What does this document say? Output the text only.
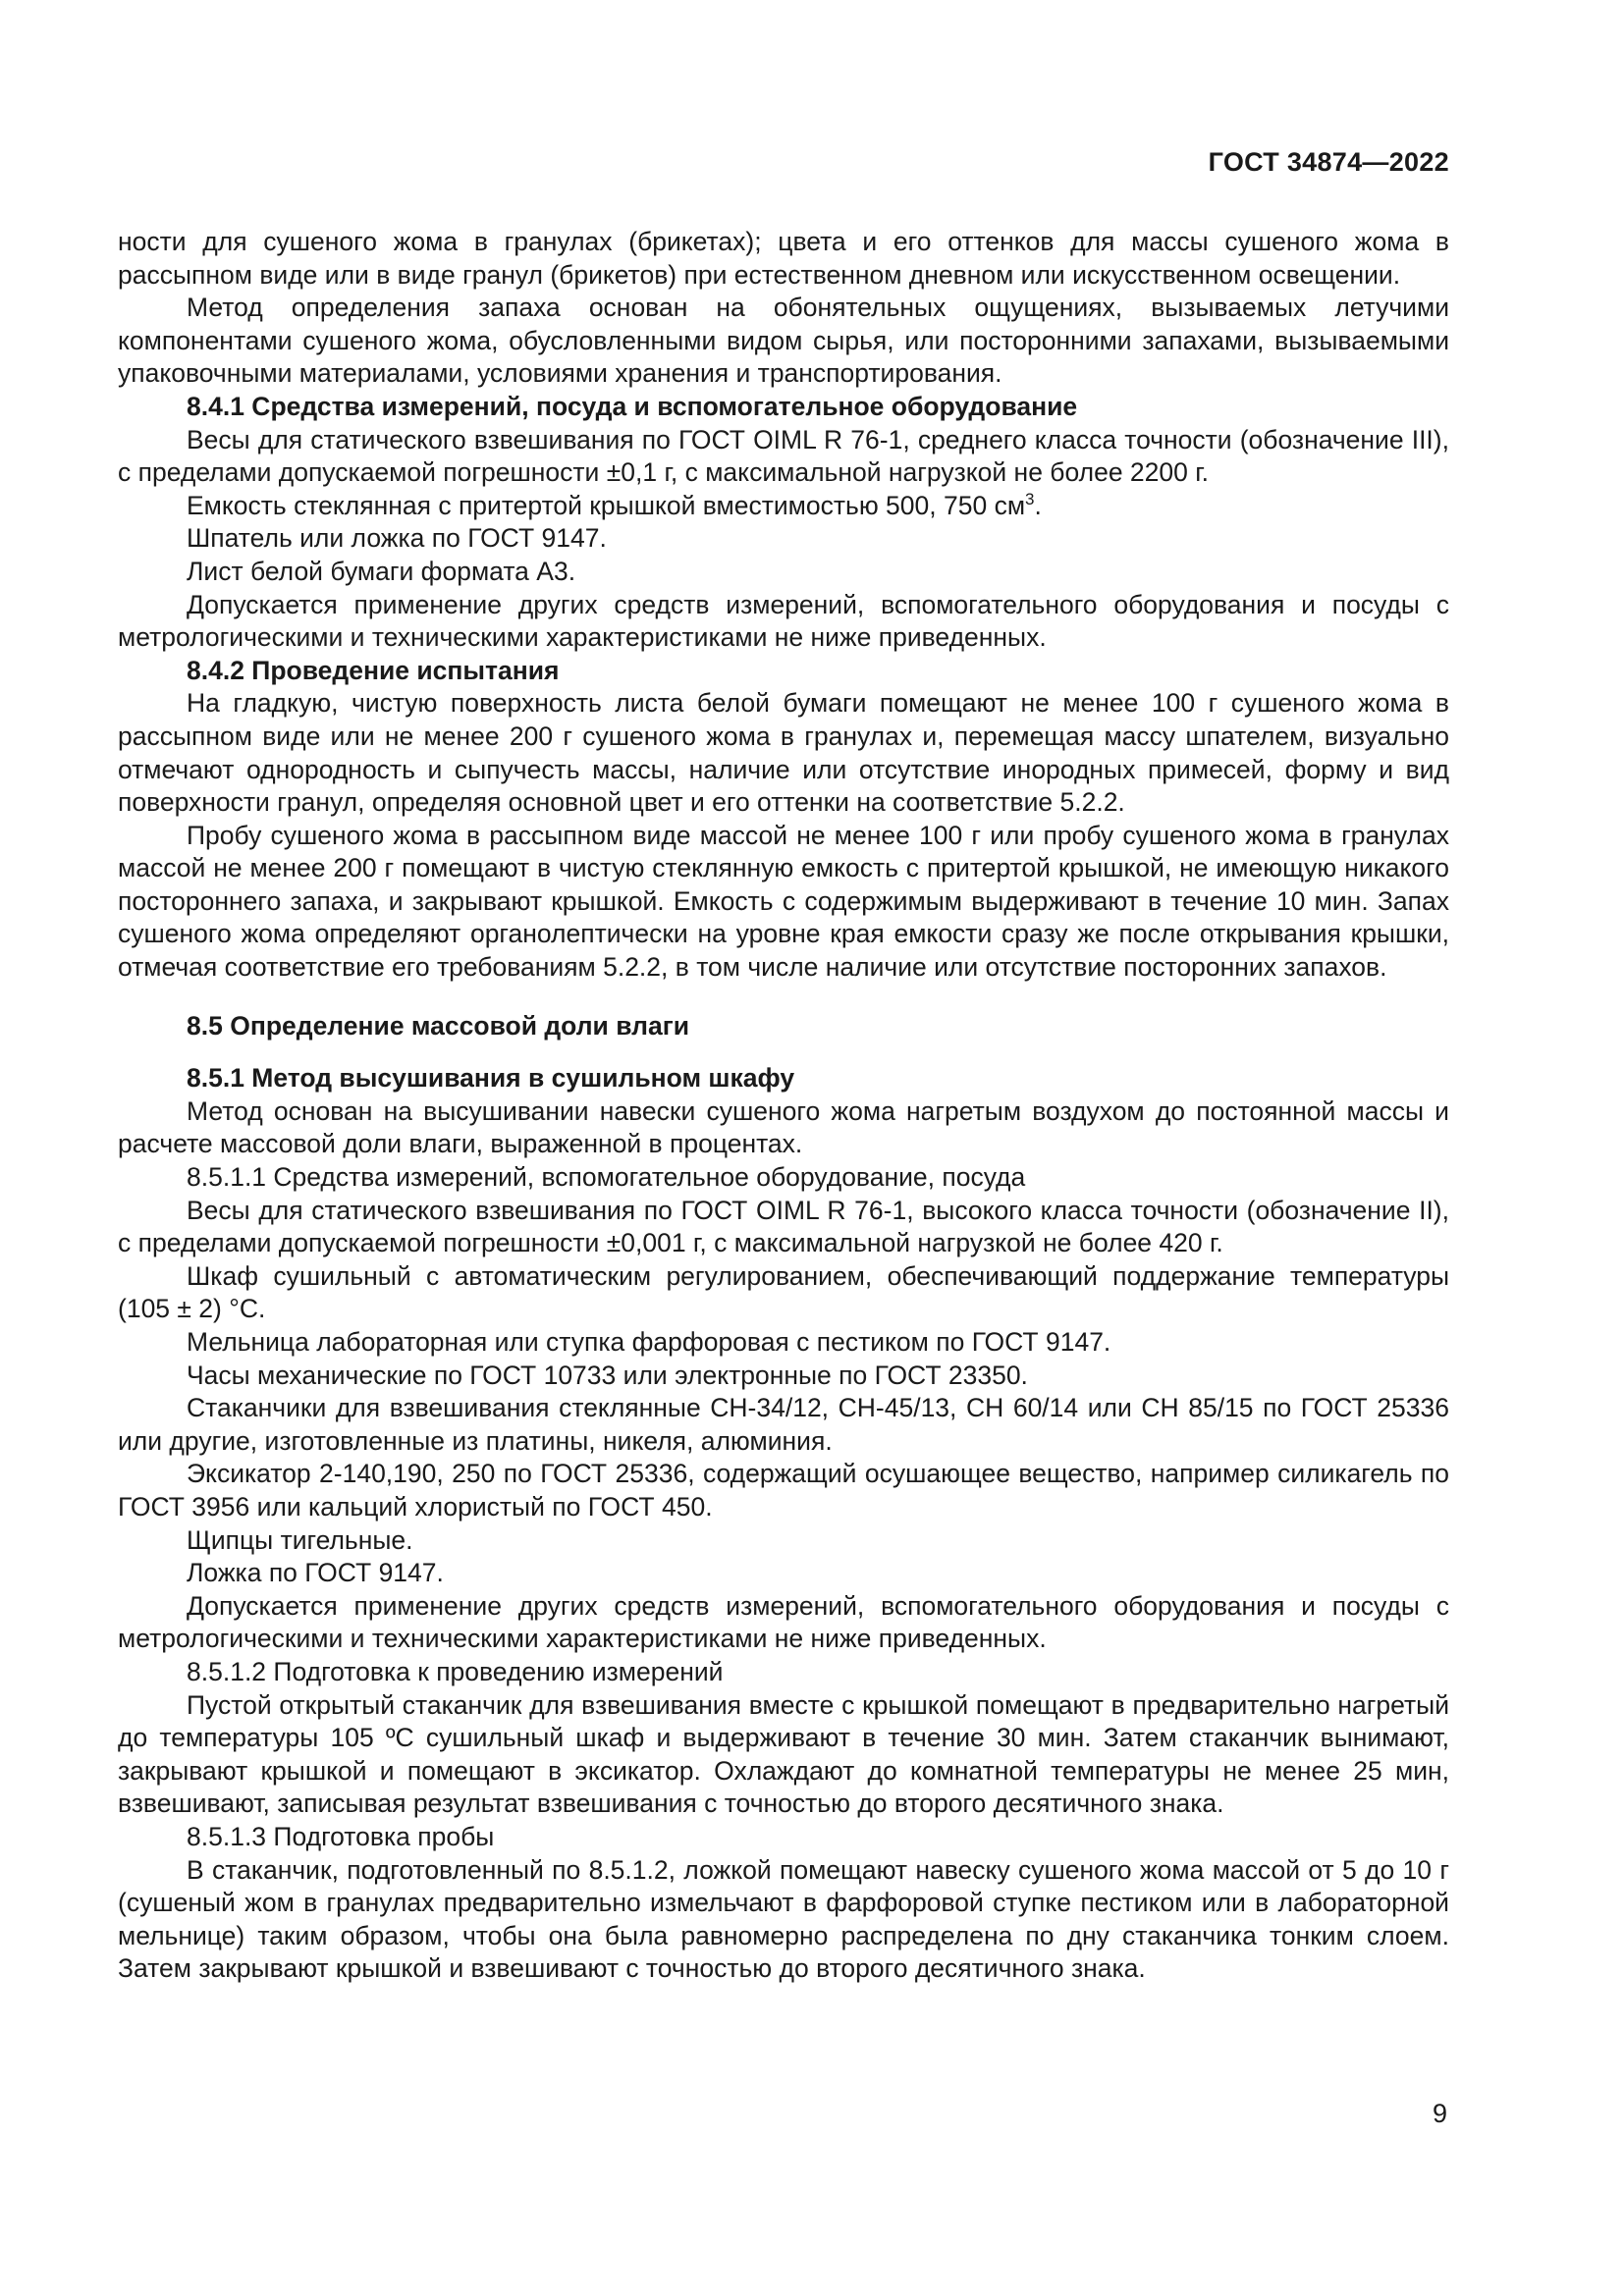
ГОСТ 34874—2022

ности для сушеного жома в гранулах (брикетах); цвета и его оттенков для массы сушеного жома в рассыпном виде или в виде гранул (брикетов) при естественном дневном или искусственном освещении.

Метод определения запаха основан на обонятельных ощущениях, вызываемых летучими компонентами сушеного жома, обусловленными видом сырья, или посторонними запахами, вызываемыми упаковочными материалами, условиями хранения и транспортирования.

8.4.1 Средства измерений, посуда и вспомогательное оборудование

Весы для статического взвешивания по ГОСТ OIML R 76-1, среднего класса точности (обозначение III), с пределами допускаемой погрешности ±0,1 г, с максимальной нагрузкой не более 2200 г.

Емкость стеклянная с притертой крышкой вместимостью 500, 750 $см^3$.

Шпатель или ложка по ГОСТ 9147.

Лист белой бумаги формата А3.

Допускается применение других средств измерений, вспомогательного оборудования и посуды с метрологическими и техническими характеристиками не ниже приведенных.

8.4.2 Проведение испытания

На гладкую, чистую поверхность листа белой бумаги помещают не менее 100 г сушеного жома в рассыпном виде или не менее 200 г сушеного жома в гранулах и, перемещая массу шпателем, визуально отмечают однородность и сыпучесть массы, наличие или отсутствие инородных примесей, форму и вид поверхности гранул, определяя основной цвет и его оттенки на соответствие 5.2.2.

Пробу сушеного жома в рассыпном виде массой не менее 100 г или пробу сушеного жома в гранулах массой не менее 200 г помещают в чистую стеклянную емкость с притертой крышкой, не имеющую никакого постороннего запаха, и закрывают крышкой. Емкость с содержимым выдерживают в течение 10 мин. Запах сушеного жома определяют органолептически на уровне края емкости сразу же после открывания крышки, отмечая соответствие его требованиям 5.2.2, в том числе наличие или отсутствие посторонних запахов.

8.5 Определение массовой доли влаги

8.5.1 Метод высушивания в сушильном шкафу

Метод основан на высушивании навески сушеного жома нагретым воздухом до постоянной массы и расчете массовой доли влаги, выраженной в процентах.

8.5.1.1 Средства измерений, вспомогательное оборудование, посуда

Весы для статического взвешивания по ГОСТ OIML R 76-1, высокого класса точности (обозначение II), с пределами допускаемой погрешности ±0,001 г, с максимальной нагрузкой не более 420 г.

Шкаф сушильный с автоматическим регулированием, обеспечивающий поддержание температуры (105 ± 2) °С.

Мельница лабораторная или ступка фарфоровая с пестиком по ГОСТ 9147.

Часы механические по ГОСТ 10733 или электронные по ГОСТ 23350.

Стаканчики для взвешивания стеклянные СН-34/12, СН-45/13, СН 60/14 или СН 85/15 по ГОСТ 25336 или другие, изготовленные из платины, никеля, алюминия.

Эксикатор 2-140,190, 250 по ГОСТ 25336, содержащий осушающее вещество, например силикагель по ГОСТ 3956 или кальций хлористый по ГОСТ 450.

Щипцы тигельные.

Ложка по ГОСТ 9147.

Допускается применение других средств измерений, вспомогательного оборудования и посуды с метрологическими и техническими характеристиками не ниже приведенных.

8.5.1.2 Подготовка к проведению измерений

Пустой открытый стаканчик для взвешивания вместе с крышкой помещают в предварительно нагретый до температуры 105 ºС сушильный шкаф и выдерживают в течение 30 мин. Затем стаканчик вынимают, закрывают крышкой и помещают в эксикатор. Охлаждают до комнатной температуры не менее 25 мин, взвешивают, записывая результат взвешивания с точностью до второго десятичного знака.

8.5.1.3 Подготовка пробы

В стаканчик, подготовленный по 8.5.1.2, ложкой помещают навеску сушеного жома массой от 5 до 10 г (сушеный жом в гранулах предварительно измельчают в фарфоровой ступке пестиком или в лабораторной мельнице) таким образом, чтобы она была равномерно распределена по дну стаканчика тонким слоем. Затем закрывают крышкой и взвешивают с точностью до второго десятичного знака.

9
